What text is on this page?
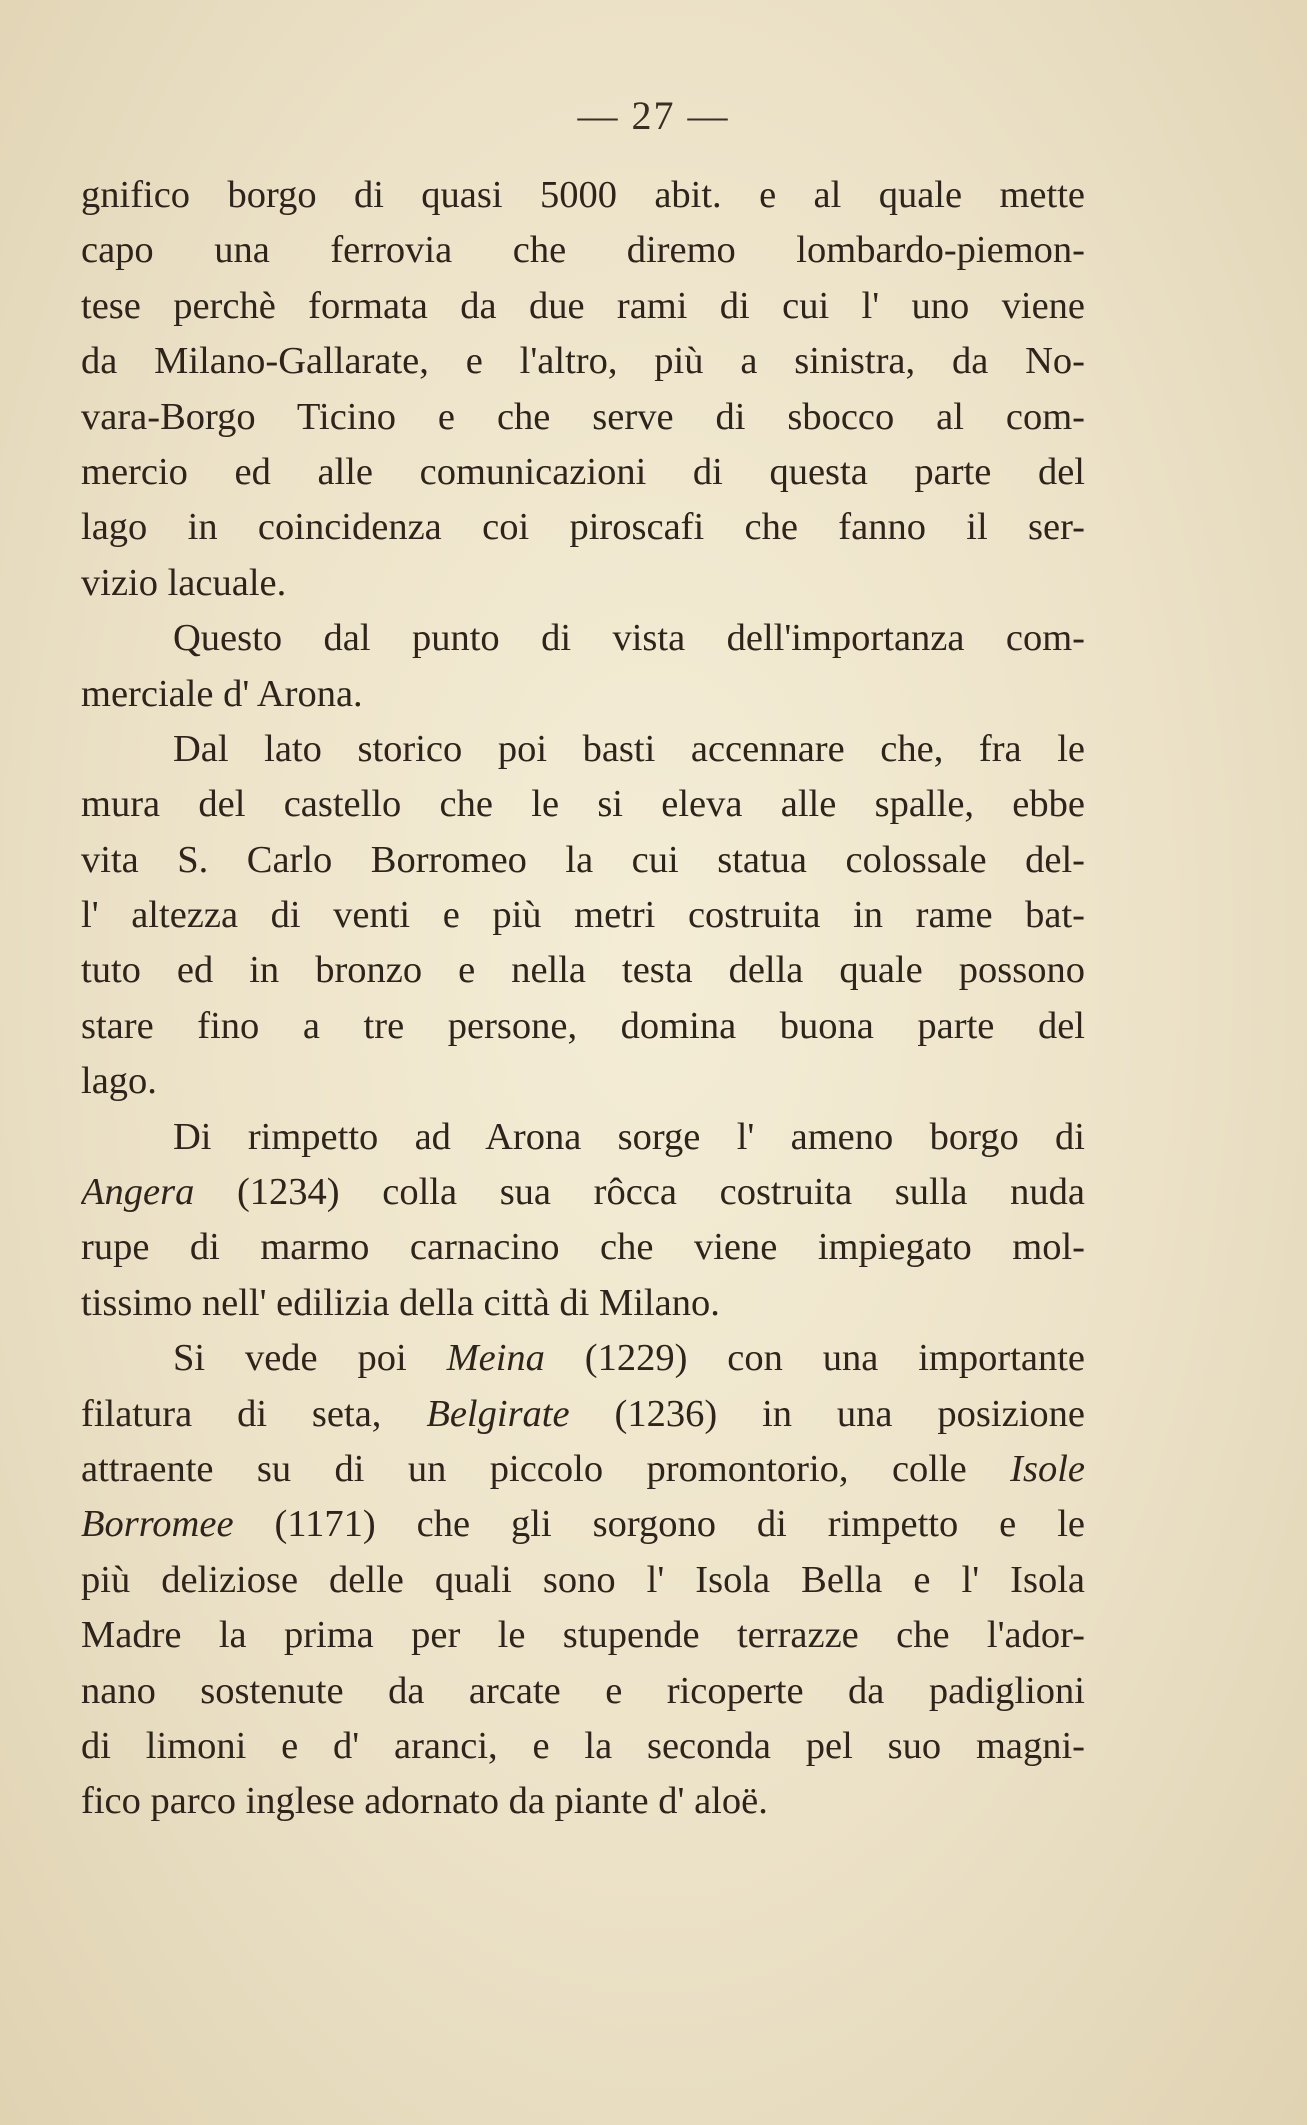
— 27 —
gnifico borgo di quasi 5000 abit. e al quale mette
capo una ferrovia che diremo lombardo-piemon-
tese perchè formata da due rami di cui l' uno viene
da Milano-Gallarate, e l'altro, più a sinistra, da No-
vara-Borgo Ticino e che serve di sbocco al com-
mercio ed alle comunicazioni di questa parte del
lago in coincidenza coi piroscafi che fanno il ser-
vizio lacuale.
Questo dal punto di vista dell'importanza com-
merciale d' Arona.
Dal lato storico poi basti accennare che, fra le
mura del castello che le si eleva alle spalle, ebbe
vita S. Carlo Borromeo la cui statua colossale del-
l' altezza di venti e più metri costruita in rame bat-
tuto ed in bronzo e nella testa della quale possono
stare fino a tre persone, domina buona parte del
lago.
Di rimpetto ad Arona sorge l' ameno borgo di
Angera (1234) colla sua rôcca costruita sulla nuda
rupe di marmo carnacino che viene impiegato mol-
tissimo nell' edilizia della città di Milano.
Si vede poi Meina (1229) con una importante
filatura di seta, Belgirate (1236) in una posizione
attraente su di un piccolo promontorio, colle Isole
Borromee (1171) che gli sorgono di rimpetto e le
più deliziose delle quali sono l' Isola Bella e l' Isola
Madre la prima per le stupende terrazze che l'ador-
nano sostenute da arcate e ricoperte da padiglioni
di limoni e d' aranci, e la seconda pel suo magni-
fico parco inglese adornato da piante d' aloë.
